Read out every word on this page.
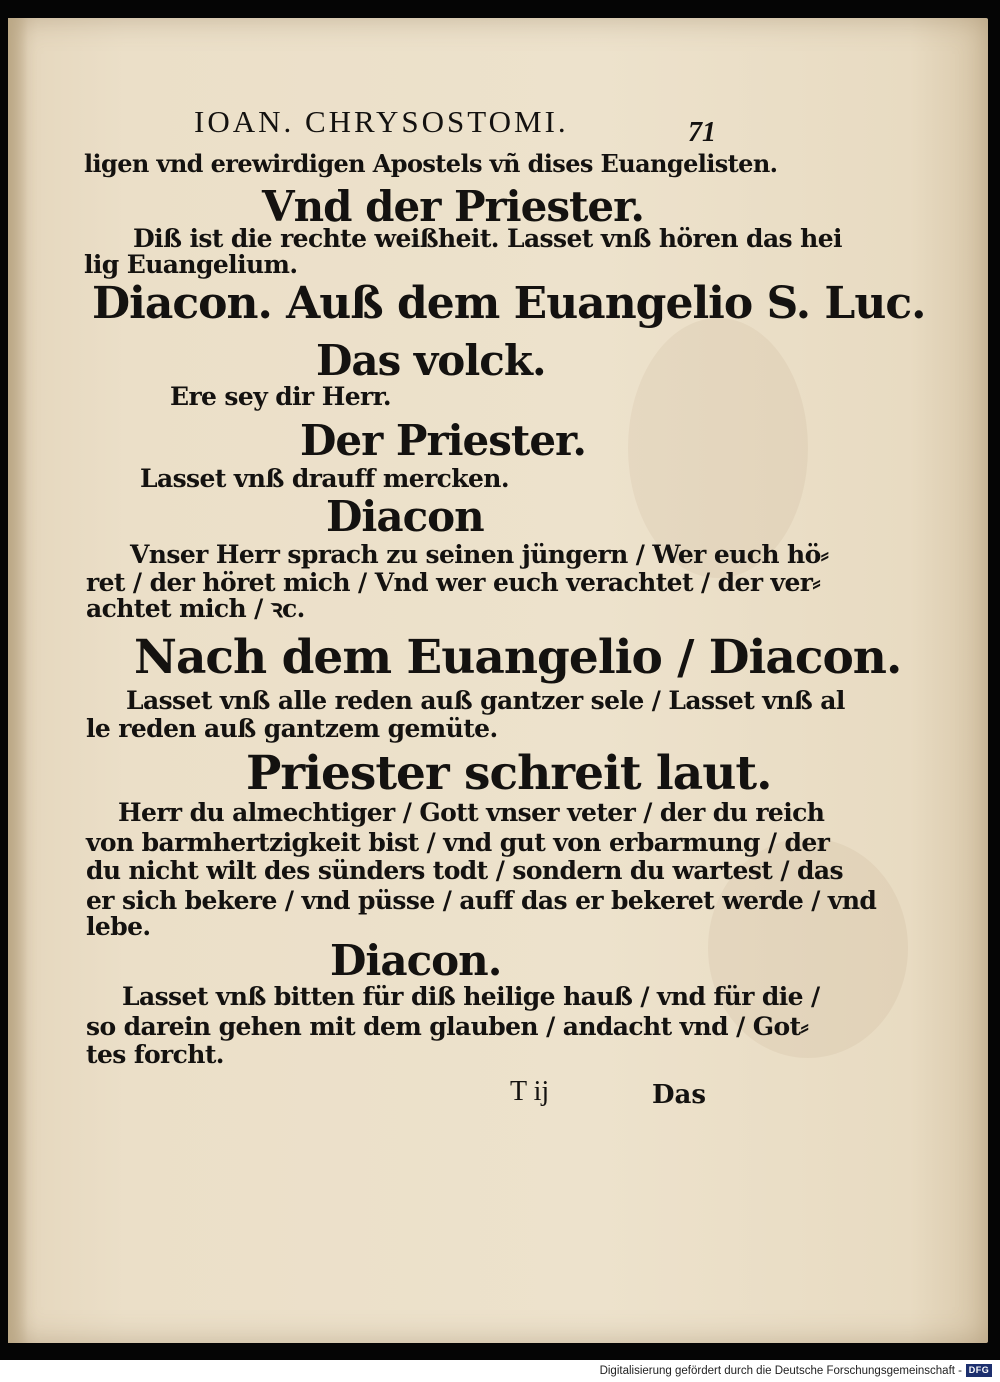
IOAN. CHRYSOSTOMI.	71
ligen vnd erewirdigen Apostels vñ dises Euangelisten.
Vnd der Priester.
Diß ist die rechte weißheit. Lasset vnß hören das hei
lig Euangelium.
Diacon. Auß dem Euangelio S. Luc.
Das volck.
Ere sey dir Herr.
Der Priester.
Lasset vnß drauff mercken.
Diacon
Vnser Herr sprach zu seinen jüngern / Wer euch hö⸗
ret / der höret mich / Vnd wer euch verachtet / der ver⸗
achtet mich / ꝛc.
Nach dem Euangelio / Diacon.
Lasset vnß alle reden auß gantzer sele / Lasset vnß al
le reden auß gantzem gemüte.
Priester schreit laut.
Herr du almechtiger / Gott vnser veter / der du reich
von barmhertzigkeit bist / vnd gut von erbarmung / der
du nicht wilt des sünders todt / sondern du wartest / das
er sich bekere / vnd püsse / auff das er bekeret werde / vnd
lebe.
Diacon.
Lasset vnß bitten für diß heilige hauß / vnd für die /
so darein gehen mit dem glauben / andacht vnd / Got⸗
tes forcht.
T ij	Das
Digitalisierung gefördert durch die Deutsche Forschungsgemeinschaft - DFG
